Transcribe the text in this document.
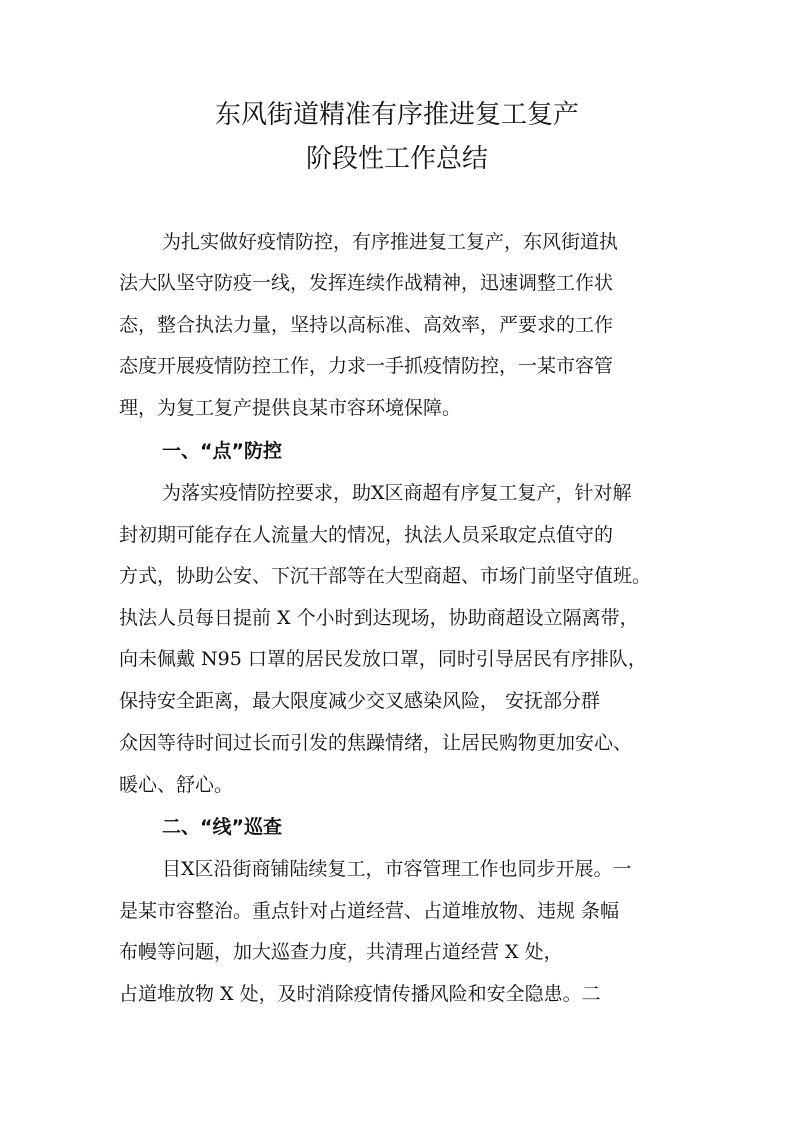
东风街道精准有序推进复工复产
阶段性工作总结
为扎实做好疫情防控，有序推进复工复产，东风街道执
法大队坚守防疫一线，发挥连续作战精神，迅速调整工作状
态，整合执法力量，坚持以高标准、高效率，严要求的工作
态度开展疫情防控工作，力求一手抓疫情防控，一某市容管
理，为复工复产提供良某市容环境保障。
一、“点”防控
为落实疫情防控要求，助X区商超有序复工复产，针对解
封初期可能存在人流量大的情况，执法人员采取定点值守的
方式，协助公安、下沉干部等在大型商超、市场门前坚守值班。
执法人员每日提前 X 个小时到达现场，协助商超设立隔离带，
向未佩戴 N95 口罩的居民发放口罩，同时引导居民有序排队，
保持安全距离，最大限度减少交叉感染风险， 安抚部分群
众因等待时间过长而引发的焦躁情绪，让居民购物更加安心、
暖心、舒心。
二、“线”巡查
目X区沿街商铺陆续复工，市容管理工作也同步开展。一
是某市容整治。重点针对占道经营、占道堆放物、违规 条幅
布幔等问题，加大巡查力度，共清理占道经营 X 处，
占道堆放物 X 处，及时消除疫情传播风险和安全隐患。二
